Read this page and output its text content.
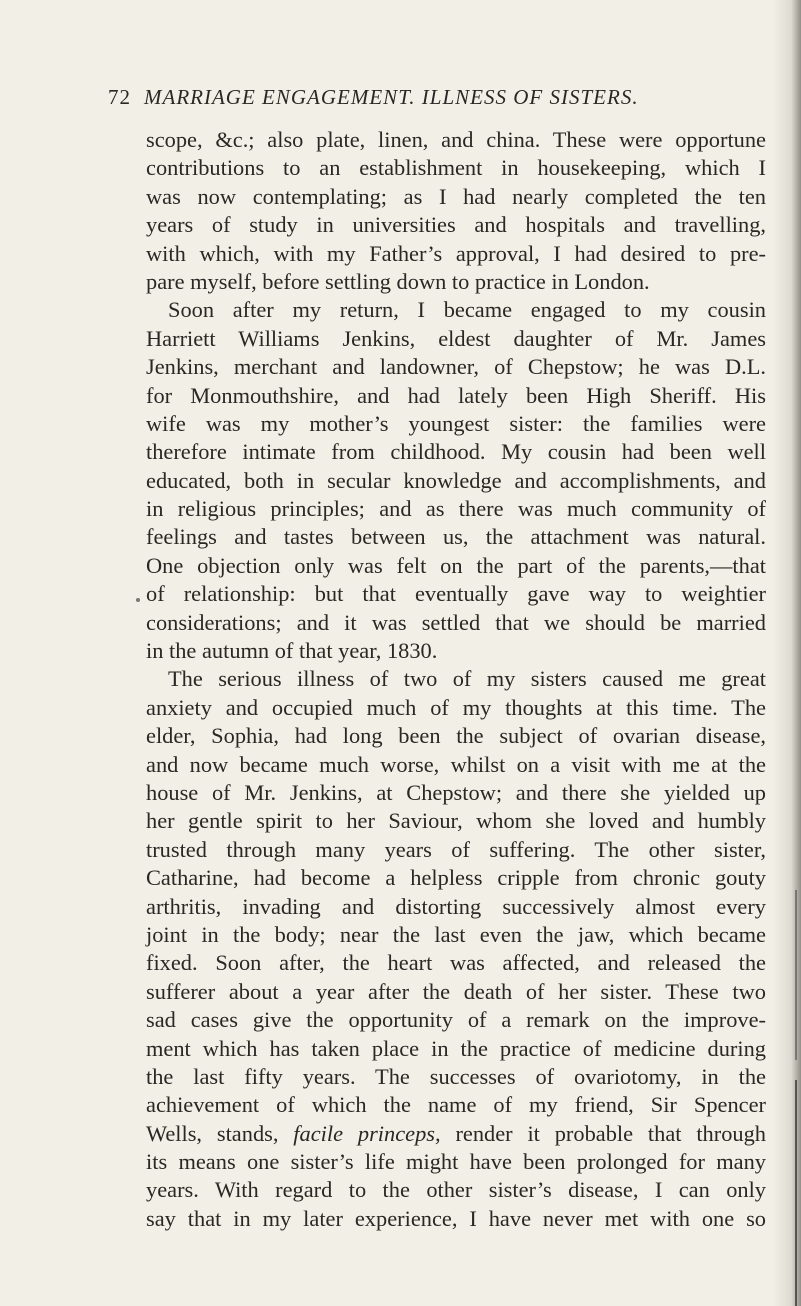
72 MARRIAGE ENGAGEMENT. ILLNESS OF SISTERS.
scope, &c.; also plate, linen, and china. These were opportune
contributions to an establishment in housekeeping, which I
was now contemplating; as I had nearly completed the ten
years of study in universities and hospitals and travelling,
with which, with my Father’s approval, I had desired to pre-
pare myself, before settling down to practice in London.
Soon after my return, I became engaged to my cousin
Harriett Williams Jenkins, eldest daughter of Mr. James
Jenkins, merchant and landowner, of Chepstow; he was D.L.
for Monmouthshire, and had lately been High Sheriff. His
wife was my mother’s youngest sister: the families were
therefore intimate from childhood. My cousin had been well
educated, both in secular knowledge and accomplishments, and
in religious principles; and as there was much community of
feelings and tastes between us, the attachment was natural.
One objection only was felt on the part of the parents,—that
of relationship: but that eventually gave way to weightier
considerations; and it was settled that we should be married
in the autumn of that year, 1830.
The serious illness of two of my sisters caused me great
anxiety and occupied much of my thoughts at this time. The
elder, Sophia, had long been the subject of ovarian disease,
and now became much worse, whilst on a visit with me at the
house of Mr. Jenkins, at Chepstow; and there she yielded up
her gentle spirit to her Saviour, whom she loved and humbly
trusted through many years of suffering. The other sister,
Catharine, had become a helpless cripple from chronic gouty
arthritis, invading and distorting successively almost every
joint in the body; near the last even the jaw, which became
fixed. Soon after, the heart was affected, and released the
sufferer about a year after the death of her sister. These two
sad cases give the opportunity of a remark on the improve-
ment which has taken place in the practice of medicine during
the last fifty years. The successes of ovariotomy, in the
achievement of which the name of my friend, Sir Spencer
Wells, stands, facile princeps, render it probable that through
its means one sister’s life might have been prolonged for many
years. With regard to the other sister’s disease, I can only
say that in my later experience, I have never met with one so
